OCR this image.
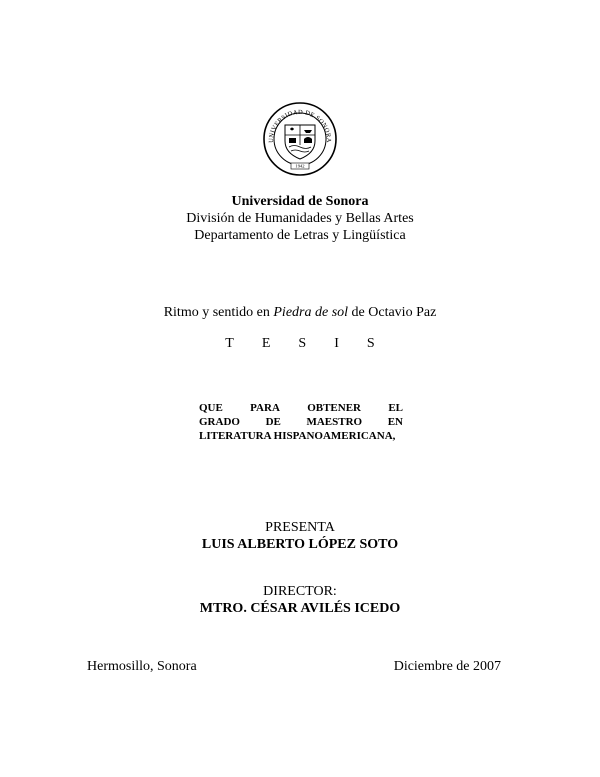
UNIVERSIDAD DE SONORA
1942
Universidad de Sonora
División de Humanidades y Bellas Artes
Departamento de Letras y Lingüística
Ritmo y sentido en Piedra de sol de Octavio Paz
T E S I S
QUE PARA OBTENER EL
GRADO DE MAESTRO EN
LITERATURA HISPANOAMERICANA,
PRESENTA
LUIS ALBERTO LÓPEZ SOTO
DIRECTOR:
MTRO. CÉSAR AVILÉS ICEDO
Hermosillo, Sonora	Diciembre de 2007
